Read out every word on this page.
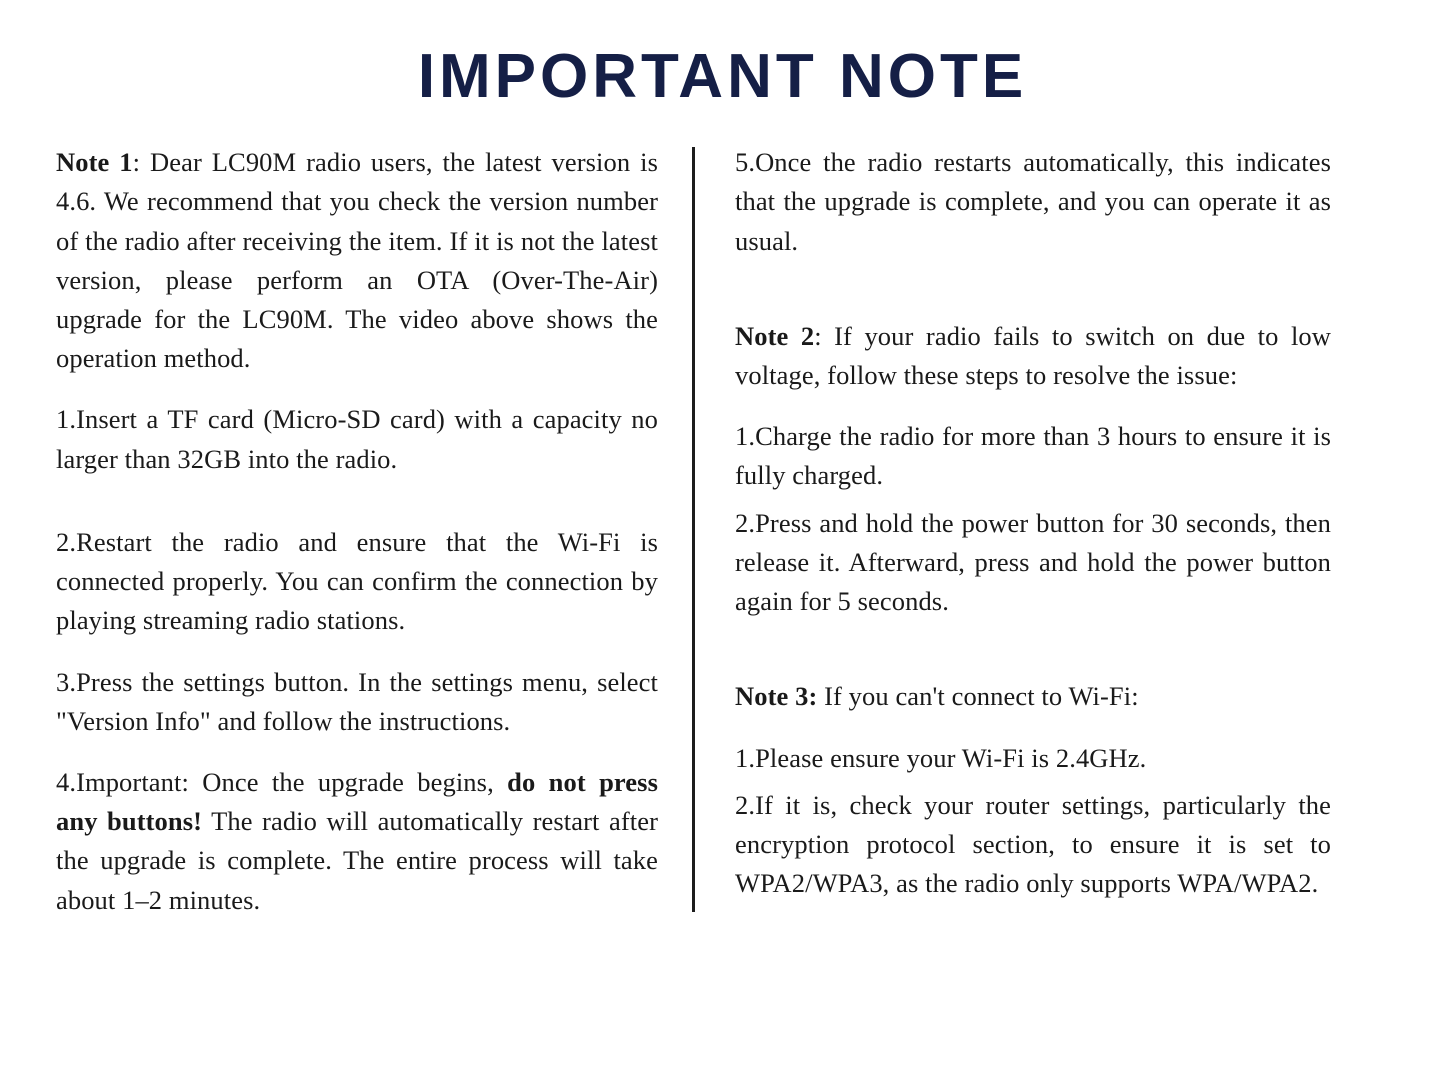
IMPORTANT NOTE

Note 1: Dear LC90M radio users, the latest version is 4.6. We recommend that you check the version number of the radio after receiving the item. If it is not the latest version, please perform an OTA (Over-The-Air) upgrade for the LC90M. The video above shows the operation method.

1.Insert a TF card (Micro-SD card) with a capacity no larger than 32GB into the radio.

2.Restart the radio and ensure that the Wi-Fi is connected properly. You can confirm the connection by playing streaming radio stations.

3.Press the settings button. In the settings menu, select "Version Info" and follow the instructions.

4.Important: Once the upgrade begins, do not press any buttons! The radio will automatically restart after the upgrade is complete. The entire process will take about 1–2 minutes.

5.Once the radio restarts automatically, this indicates that the upgrade is complete, and you can operate it as usual.

Note 2: If your radio fails to switch on due to low voltage, follow these steps to resolve the issue:

1.Charge the radio for more than 3 hours to ensure it is fully charged.

2.Press and hold the power button for 30 seconds, then release it. Afterward, press and hold the power button again for 5 seconds.

Note 3: If you can't connect to Wi-Fi:

1.Please ensure your Wi-Fi is 2.4GHz.

2.If it is, check your router settings, particularly the encryption protocol section, to ensure it is set to WPA2/WPA3, as the radio only supports WPA/WPA2.
